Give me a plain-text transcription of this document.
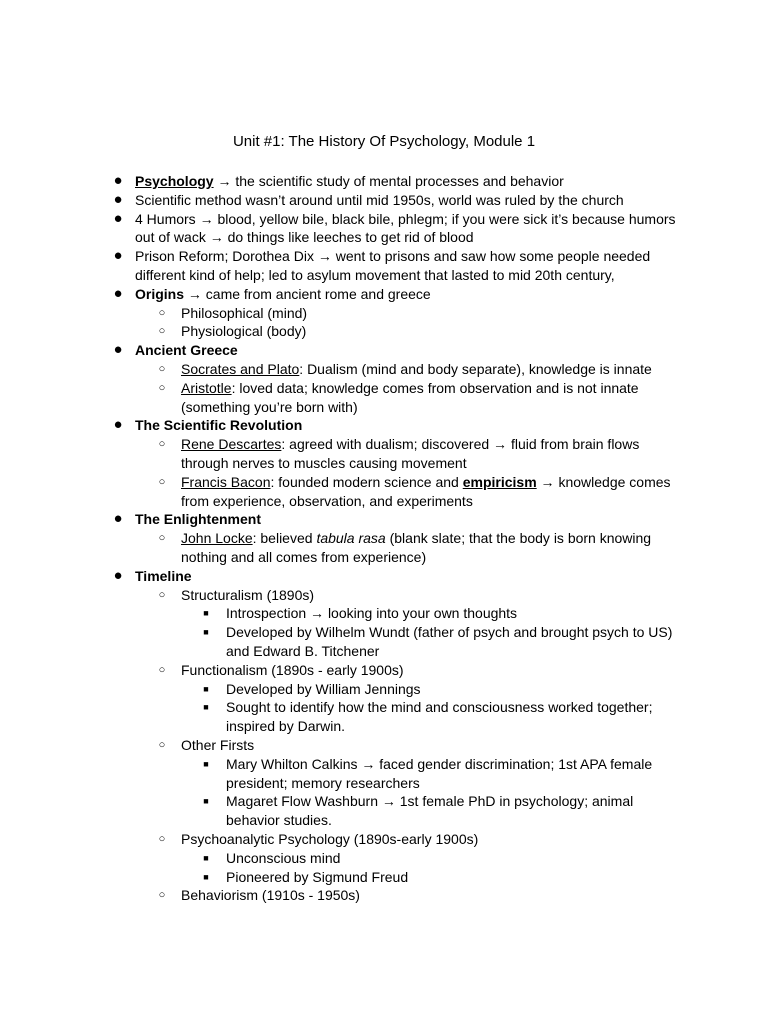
Unit #1: The History Of Psychology, Module 1
● Psychology → the scientific study of mental processes and behavior
● Scientific method wasn’t around until mid 1950s, world was ruled by the church
● 4 Humors → blood, yellow bile, black bile, phlegm; if you were sick it’s because humors
out of wack → do things like leeches to get rid of blood
● Prison Reform; Dorothea Dix → went to prisons and saw how some people needed
different kind of help; led to asylum movement that lasted to mid 20th century,
● Origins → came from ancient rome and greece
○ Philosophical (mind)
○ Physiological (body)
● Ancient Greece
○ Socrates and Plato: Dualism (mind and body separate), knowledge is innate
○ Aristotle: loved data; knowledge comes from observation and is not innate
(something you’re born with)
● The Scientific Revolution
○ Rene Descartes: agreed with dualism; discovered → fluid from brain flows
through nerves to muscles causing movement
○ Francis Bacon: founded modern science and empiricism → knowledge comes
from experience, observation, and experiments
● The Enlightenment
○ John Locke: believed tabula rasa (blank slate; that the body is born knowing
nothing and all comes from experience)
● Timeline
○ Structuralism (1890s)
■	Introspection → looking into your own thoughts
■	Developed by Wilhelm Wundt (father of psych and brought psych to US)
and Edward B. Titchener
○ Functionalism (1890s - early 1900s)
■	Developed by William Jennings
■	Sought to identify how the mind and consciousness worked together;
inspired by Darwin.
○ Other Firsts
■	Mary Whilton Calkins → faced gender discrimination; 1st APA female
president; memory researchers
■	Magaret Flow Washburn → 1st female PhD in psychology; animal
behavior studies.
○ Psychoanalytic Psychology (1890s-early 1900s)
■	Unconscious mind
■	Pioneered by Sigmund Freud
○ Behaviorism (1910s - 1950s)
